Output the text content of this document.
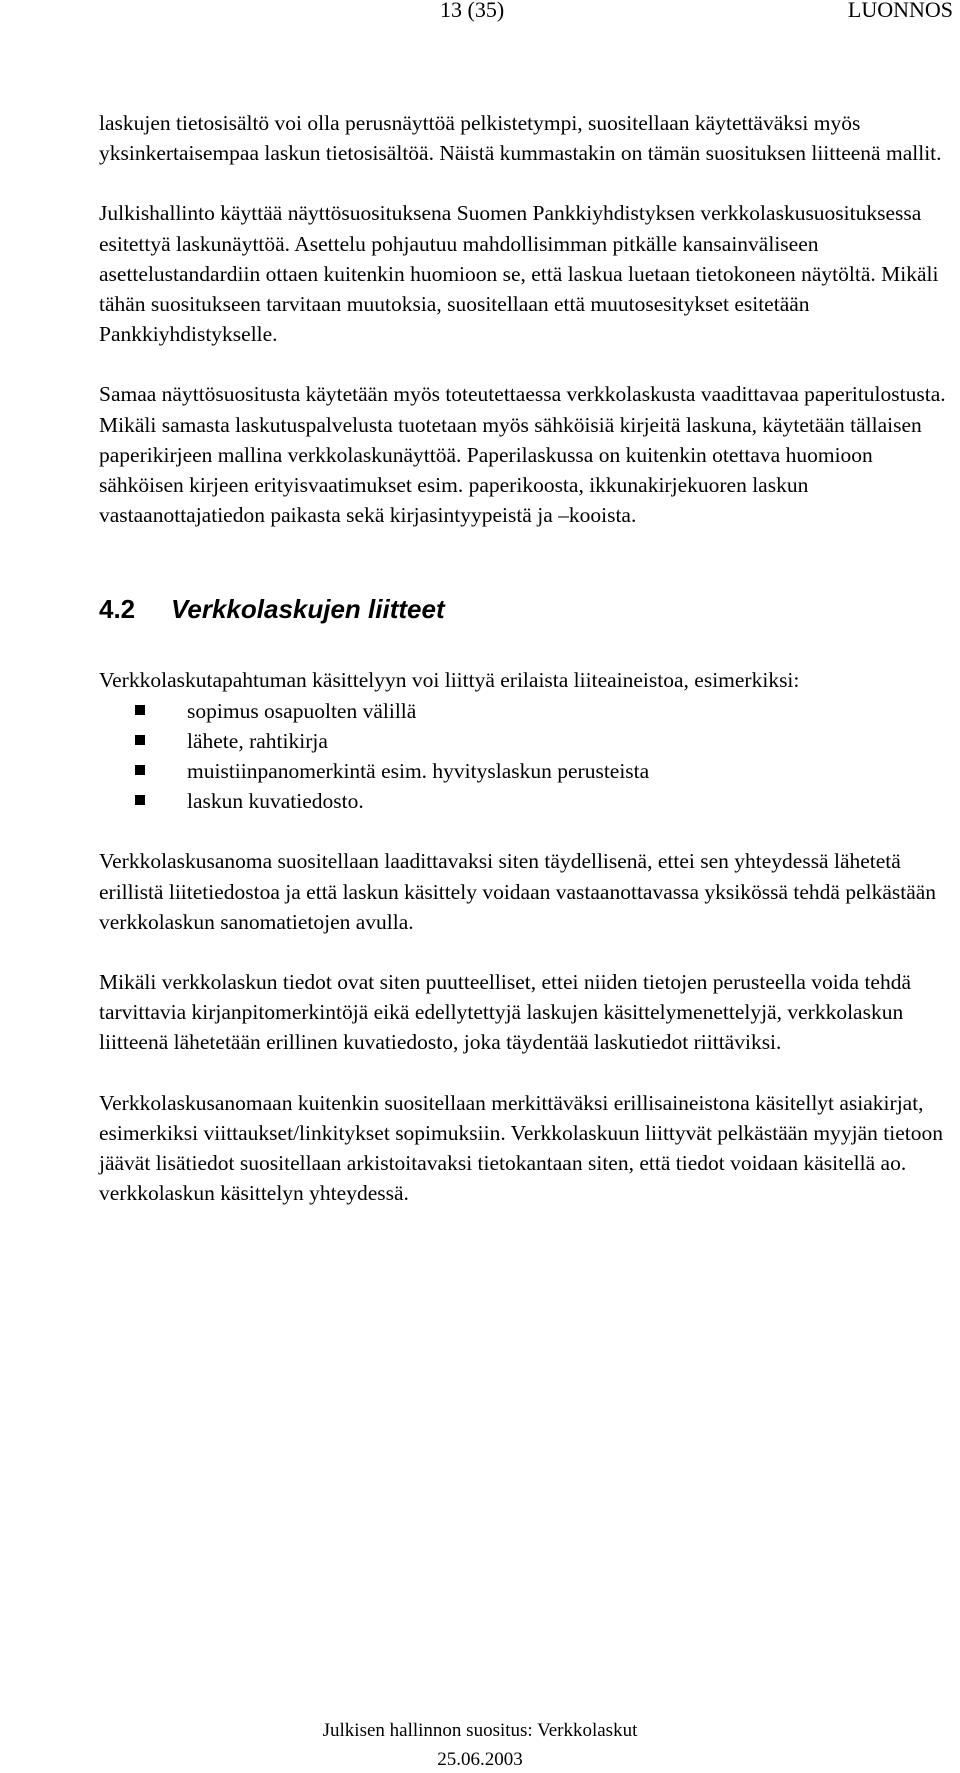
13 (35)	LUONNOS

laskujen tietosisältö voi olla perusnäyttöä pelkistetympi, suositellaan käytettäväksi myös yksinkertaisempaa laskun tietosisältöä. Näistä kummastakin on tämän suosituksen liitteenä mallit.

Julkishallinto käyttää näyttösuosituksena Suomen Pankkiyhdistyksen verkkolaskusuosituksessa esitettyä laskunäyttöä. Asettelu pohjautuu mahdollisimman pitkälle kansainväliseen asettelustandardiin ottaen kuitenkin huomioon se, että laskua luetaan tietokoneen näytöltä. Mikäli tähän suositukseen tarvitaan muutoksia, suositellaan että muutosesitykset esitetään Pankkiyhdistykselle.

Samaa näyttösuositusta käytetään myös toteutettaessa verkkolaskusta vaadittavaa paperitulostusta. Mikäli samasta laskutuspalvelusta tuotetaan myös sähköisiä kirjeitä laskuna, käytetään tällaisen paperikirjeen mallina verkkolaskunäyttöä. Paperilaskussa on kuitenkin otettava huomioon sähköisen kirjeen erityisvaatimukset esim. paperikoosta, ikkunakirjekuoren laskun vastaanottajatiedon paikasta sekä kirjasintyypeistä ja –kooista.

4.2	Verkkolaskujen liitteet

Verkkolaskutapahtuman käsittelyyn voi liittyä erilaista liiteaineistoa, esimerkiksi:

sopimus osapuolten välillä
lähete, rahtikirja
muistiinpanomerkintä esim. hyvityslaskun perusteista
laskun kuvatiedosto.

Verkkolaskusanoma suositellaan laadittavaksi siten täydellisenä, ettei sen yhteydessä lähetetä erillistä liitetiedostoa ja että laskun käsittely voidaan vastaanottavassa yksikössä tehdä pelkästään verkkolaskun sanomatietojen avulla.

Mikäli verkkolaskun tiedot ovat siten puutteelliset, ettei niiden tietojen perusteella voida tehdä tarvittavia kirjanpitomerkintöjä eikä edellytettyjä laskujen käsittelymenettelyjä, verkkolaskun liitteenä lähetetään erillinen kuvatiedosto, joka täydentää laskutiedot riittäviksi.

Verkkolaskusanomaan kuitenkin suositellaan merkittäväksi erillisaineistona käsitellyt asiakirjat, esimerkiksi viittaukset/linkitykset sopimuksiin. Verkkolaskuun liittyvät pelkästään myyjän tietoon jäävät lisätiedot suositellaan arkistoitavaksi tietokantaan siten, että tiedot voidaan käsitellä ao. verkkolaskun käsittelyn yhteydessä.

Julkisen hallinnon suositus: Verkkolaskut
25.06.2003
